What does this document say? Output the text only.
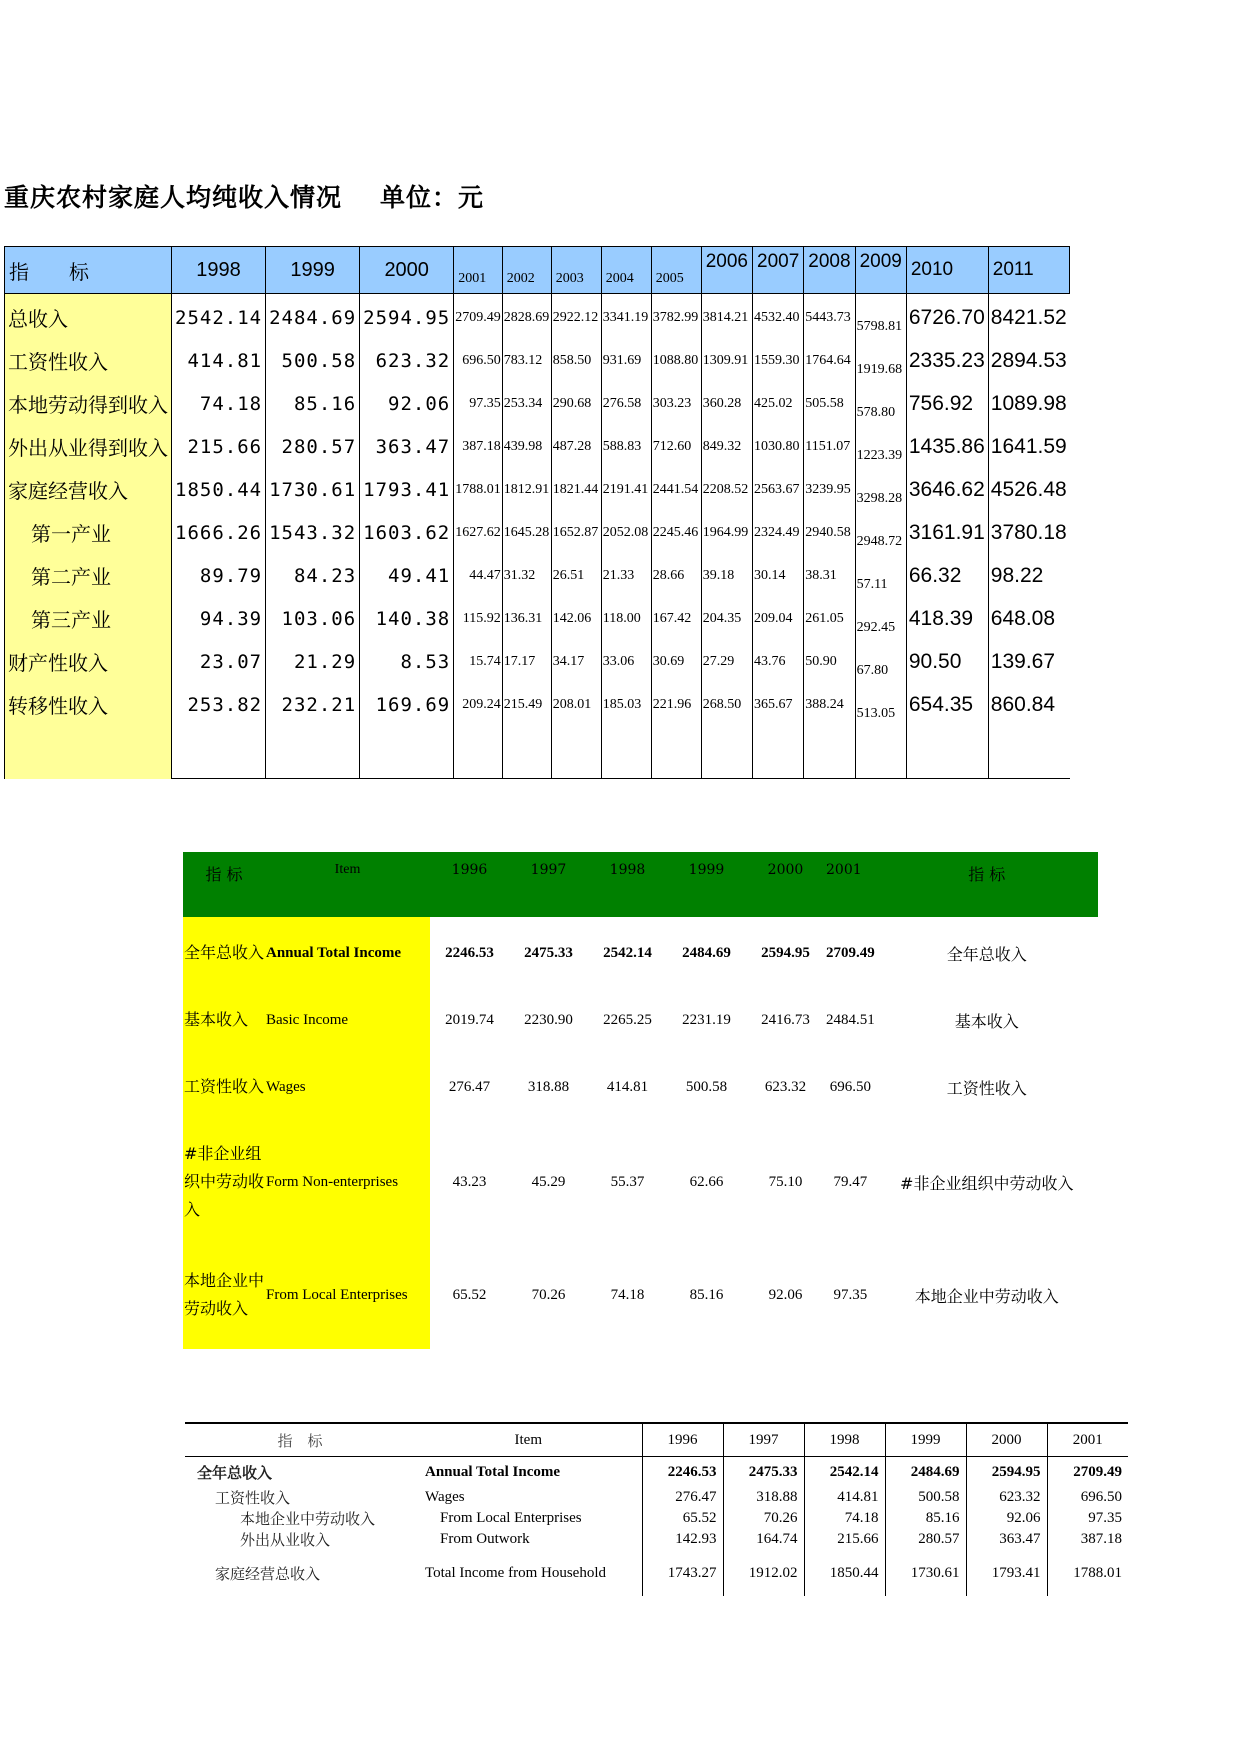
重庆农村家庭人均纯收入情况 单位：元
指　　标	1998	1999	2000	2001	2002	2003	2004	2005	2006	2007	2008	2009	2010	2011
总收入	2542.14	2484.69	2594.95	2709.49	2828.69	2922.12	3341.19	3782.99	3814.21	4532.40	5443.73	5798.81	6726.70	8421.52
工资性收入	414.81	500.58	623.32	696.50	783.12	858.50	931.69	1088.80	1309.91	1559.30	1764.64	1919.68	2335.23	2894.53
本地劳动得到收入	74.18	85.16	92.06	97.35	253.34	290.68	276.58	303.23	360.28	425.02	505.58	578.80	756.92	1089.98
外出从业得到收入	215.66	280.57	363.47	387.18	439.98	487.28	588.83	712.60	849.32	1030.80	1151.07	1223.39	1435.86	1641.59
家庭经营收入	1850.44	1730.61	1793.41	1788.01	1812.91	1821.44	2191.41	2441.54	2208.52	2563.67	3239.95	3298.28	3646.62	4526.48
第一产业	1666.26	1543.32	1603.62	1627.62	1645.28	1652.87	2052.08	2245.46	1964.99	2324.49	2940.58	2948.72	3161.91	3780.18
第二产业	89.79	84.23	49.41	44.47	31.32	26.51	21.33	28.66	39.18	30.14	38.31	57.11	66.32	98.22
第三产业	94.39	103.06	140.38	115.92	136.31	142.06	118.00	167.42	204.35	209.04	261.05	292.45	418.39	648.08
财产性收入	23.07	21.29	8.53	15.74	17.17	34.17	33.06	30.69	27.29	43.76	50.90	67.80	90.50	139.67
转移性收入	253.82	232.21	169.69	209.24	215.49	208.01	185.03	221.96	268.50	365.67	388.24	513.05	654.35	860.84

指 标	Item	1996	1997	1998	1999	2000	2001	指 标
全年总收入	Annual Total Income	2246.53	2475.33	2542.14	2484.69	2594.95	2709.49	全年总收入
基本收入	Basic Income	2019.74	2230.90	2265.25	2231.19	2416.73	2484.51	基本收入
工资性收入	Wages	276.47	318.88	414.81	500.58	623.32	696.50	工资性收入
#非企业组织中劳动收入	Form Non-enterprises	43.23	45.29	55.37	62.66	75.10	79.47	#非企业组织中劳动收入
本地企业中劳动收入	From Local Enterprises	65.52	70.26	74.18	85.16	92.06	97.35	本地企业中劳动收入
指　标	Item	1996	1997	1998	1999	2000	2001
全年总收入	Annual Total Income	2246.53	2475.33	2542.14	2484.69	2594.95	2709.49
工资性收入	Wages	276.47	318.88	414.81	500.58	623.32	696.50
本地企业中劳动收入	From Local Enterprises	65.52	70.26	74.18	85.16	92.06	97.35
外出从业收入	From Outwork	142.93	164.74	215.66	280.57	363.47	387.18
家庭经营总收入	Total Income from Household	1743.27	1912.02	1850.44	1730.61	1793.41	1788.01
